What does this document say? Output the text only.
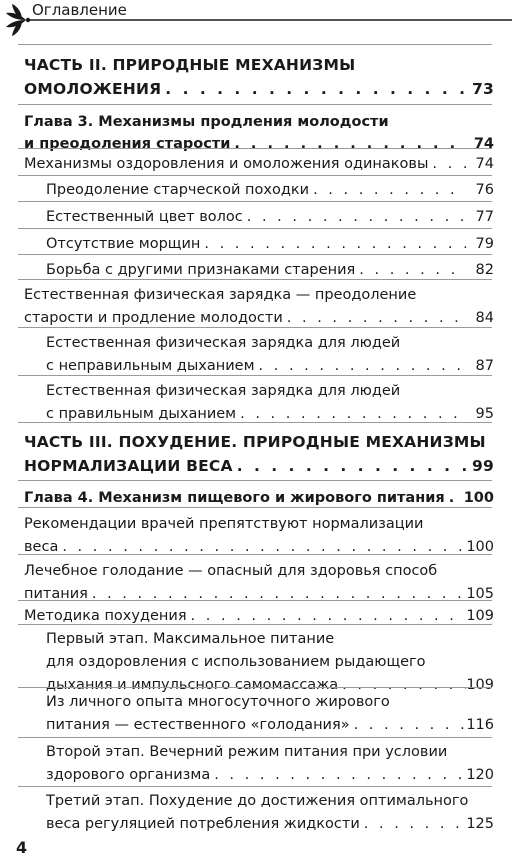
Оглавление
ЧАСТЬ II. ПРИРОДНЫЕ МЕХАНИЗМЫ
ОМОЛОЖЕНИЯ . . .	73
Глава 3. Механизмы продления молодости
и преодоления старости . . .	74
Механизмы оздоровления и омоложения одинаковы . . .	74
Преодоление старческой походки . . .	76
Естественный цвет волос . . .	77
Отсутствие морщин . . .	79
Борьба с другими признаками старения . . .	82
Естественная физическая зарядка — преодоление
старости и продление молодости . . .	84
Естественная физическая зарядка для людей
с неправильным дыханием . . .	87
Естественная физическая зарядка для людей
с правильным дыханием . . .	95
ЧАСТЬ III. ПОХУДЕНИЕ. ПРИРОДНЫЕ МЕХАНИЗМЫ
НОРМАЛИЗАЦИИ ВЕСА . . .	99
Глава 4. Механизм пищевого и жирового питания . . . 100
Рекомендации врачей препятствуют нормализации
веса . . .	100
Лечебное голодание — опасный для здоровья способ
питания . . .	105
Методика похудения . . .	109
Первый этап. Максимальное питание
для оздоровления с использованием рыдающего
дыхания и импульсного самомассажа . . .	109
Из личного опыта многосуточного жирового
питания — естественного «голодания» . . .	116
Второй этап. Вечерний режим питания при условии
здорового организма . . .	120
Третий этап. Похудение до достижения оптимального
веса регуляцией потребления жидкости . . .	125
4
